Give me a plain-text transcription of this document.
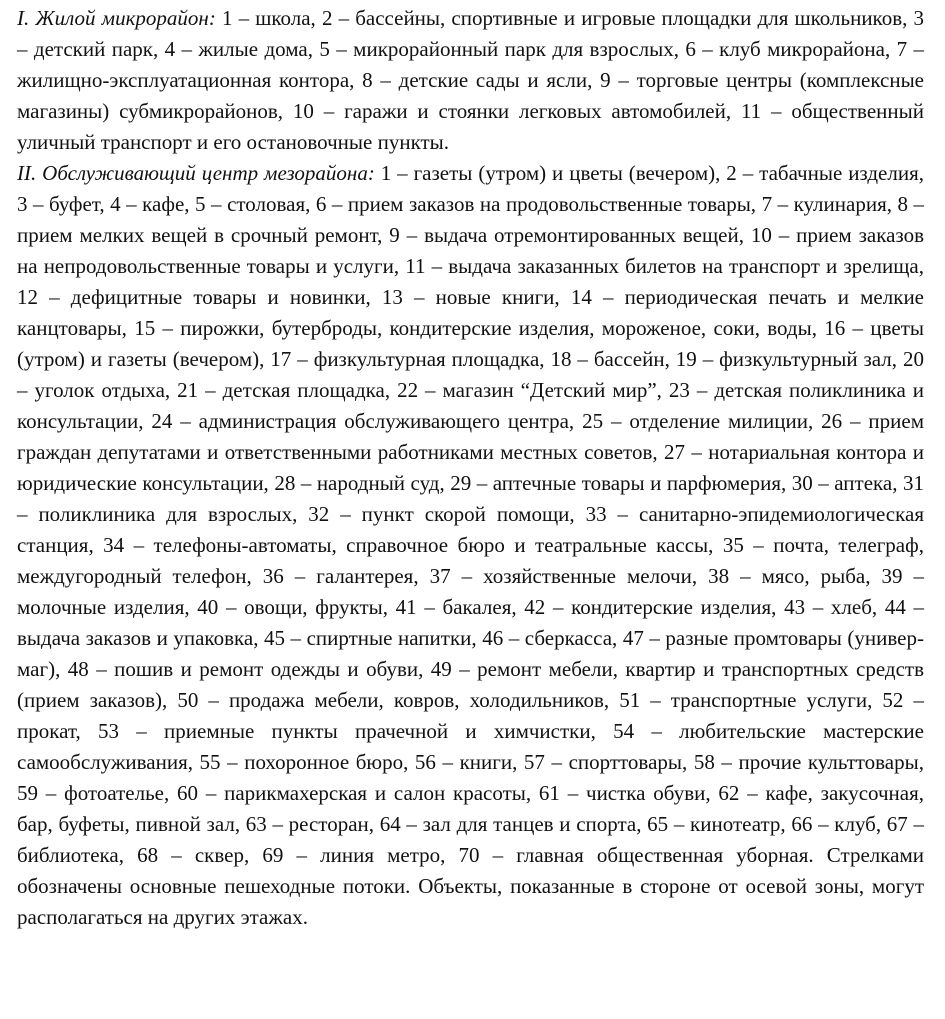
I. Жилой микрорайон: 1 – школа, 2 – бассейны, спортивные и игровые площадки для школьников, 3 – детский парк, 4 – жилые дома, 5 – микрорайонный парк для взрослых, 6 – клуб микрорайона, 7 – жилищно-эксплуатационная контора, 8 – детские сады и ясли, 9 – торговые центры (комплексные магазины) субмикрорайонов, 10 – гаражи и стоянки легковых автомобилей, 11 – общественный уличный транспорт и его остановочные пункты.

II. Обслуживающий центр мезорайона: 1 – газеты (утром) и цветы (вечером), 2 – табачные изделия, 3 – буфет, 4 – кафе, 5 – столовая, 6 – прием заказов на продовольственные товары, 7 – кулинария, 8 – прием мелких вещей в срочный ремонт, 9 – выдача отремонтированных вещей, 10 – прием заказов на непродовольственные товары и услуги, 11 – выдача заказанных билетов на транспорт и зрелища, 12 – дефицитные товары и новинки, 13 – новые книги, 14 – периодическая печать и мелкие канцтовары, 15 – пирожки, бутерброды, кондитерские изделия, мороженое, соки, воды, 16 – цветы (утром) и газеты (вечером), 17 – физкультурная площадка, 18 – бассейн, 19 – физкультурный зал, 20 – уголок отдыха, 21 – детская площадка, 22 – магазин “Детский мир”, 23 – детская поликлиника и консультации, 24 – администрация обслуживающего центра, 25 – отделение милиции, 26 – прием граждан депутатами и ответственными работниками местных советов, 27 – нотариальная контора и юридические консультации, 28 – народный суд, 29 – аптечные товары и парфюмерия, 30 – аптека, 31 – поликлиника для взрослых, 32 – пункт скорой помощи, 33 – санитарно-эпидемиологическая станция, 34 – телефоны-автоматы, справочное бюро и театральные кассы, 35 – почта, телеграф, междугородный телефон, 36 – галантерея, 37 – хозяйственные мелочи, 38 – мясо, рыба, 39 – молочные изделия, 40 – овощи, фрукты, 41 – бакалея, 42 – кондитерские изделия, 43 – хлеб, 44 – выдача заказов и упаковка, 45 – спиртные напитки, 46 – сберкасса, 47 – разные промтовары (универмаг), 48 – пошив и ремонт одежды и обуви, 49 – ремонт мебели, квартир и транспортных средств (прием заказов), 50 – продажа мебели, ковров, холодильников, 51 – транспортные услуги, 52 – прокат, 53 – приемные пункты прачечной и химчистки, 54 – любительские мастерские самообслуживания, 55 – похоронное бюро, 56 – книги, 57 – спорттовары, 58 – прочие культтовары, 59 – фотоателье, 60 – парикмахерская и салон красоты, 61 – чистка обуви, 62 – кафе, закусочная, бар, буфеты, пивной зал, 63 – ресторан, 64 – зал для танцев и спорта, 65 – кинотеатр, 66 – клуб, 67 – библиотека, 68 – сквер, 69 – линия метро, 70 – главная общественная уборная. Стрелками обозначены основные пешеходные потоки. Объекты, показанные в стороне от осевой зоны, могут располагаться на других этажах.
